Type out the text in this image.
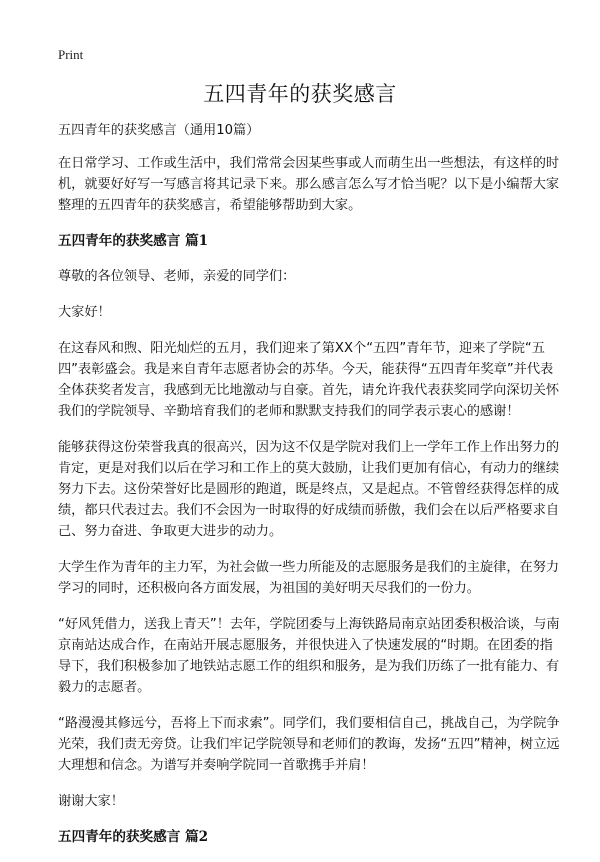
Print
五四青年的获奖感言

五四青年的获奖感言（通用10篇）

在日常学习、工作或生活中，我们常常会因某些事或人而萌生出一些想法，有这样的时机，就要好好写一写感言将其记录下来。那么感言怎么写才恰当呢？以下是小编帮大家整理的五四青年的获奖感言，希望能够帮助到大家。

五四青年的获奖感言 篇1

尊敬的各位领导、老师，亲爱的同学们：

大家好！

在这春风和煦、阳光灿烂的五月，我们迎来了第XX个“五四”青年节，迎来了学院“五四”表彰盛会。我是来自青年志愿者协会的苏华。今天，能获得“五四青年奖章”并代表全体获奖者发言，我感到无比地激动与自豪。首先，请允许我代表获奖同学向深切关怀我们的学院领导、辛勤培育我们的老师和默默支持我们的同学表示衷心的感谢！

能够获得这份荣誉我真的很高兴，因为这不仅是学院对我们上一学年工作上作出努力的肯定，更是对我们以后在学习和工作上的莫大鼓励，让我们更加有信心，有动力的继续努力下去。这份荣誉好比是圆形的跑道，既是终点，又是起点。不管曾经获得怎样的成绩，都只代表过去。我们不会因为一时取得的好成绩而骄傲，我们会在以后严格要求自己、努力奋进、争取更大进步的动力。

大学生作为青年的主力军，为社会做一些力所能及的志愿服务是我们的主旋律，在努力学习的同时，还积极向各方面发展，为祖国的美好明天尽我们的一份力。

“好风凭借力，送我上青天”！去年，学院团委与上海铁路局南京站团委积极洽谈，与南京南站达成合作，在南站开展志愿服务，并很快进入了快速发展的“时期。在团委的指导下，我们积极参加了地铁站志愿工作的组织和服务，是为我们历练了一批有能力、有毅力的志愿者。

“路漫漫其修远兮，吾将上下而求索”。同学们，我们要相信自己，挑战自己，为学院争光荣，我们责无旁贷。让我们牢记学院领导和老师们的教诲，发扬“五四”精神，树立远大理想和信念。为谱写并奏响学院同一首歌携手并肩！

谢谢大家！

五四青年的获奖感言 篇2
